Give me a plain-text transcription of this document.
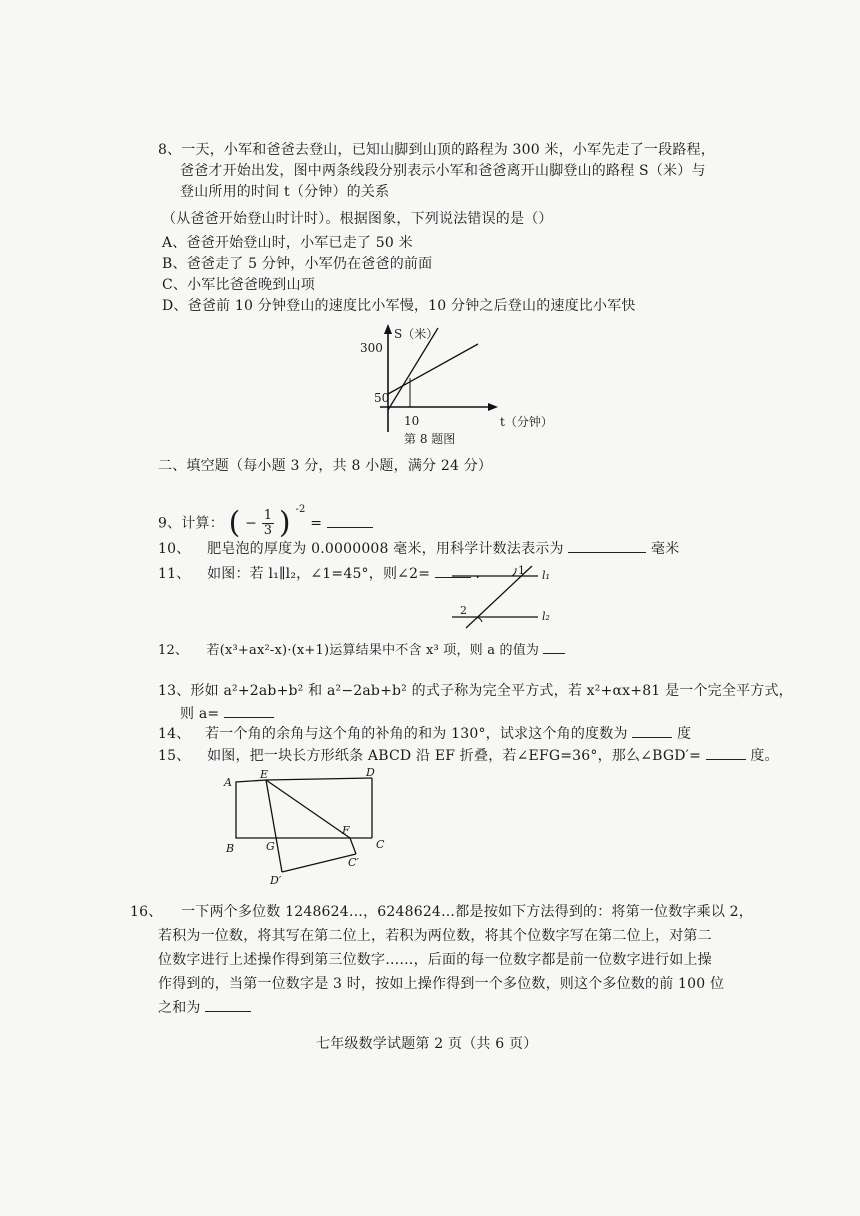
8、一天，小军和爸爸去登山，已知山脚到山顶的路程为 300 米，小军先走了一段路程，
爸爸才开始出发，图中两条线段分别表示小军和爸爸离开山脚登山的路程 S（米）与
登山所用的时间 t（分钟）的关系
（从爸爸开始登山时计时）。根据图象，下列说法错误的是（）
A、爸爸开始登山时，小军已走了 50 米
B、爸爸走了 5 分钟，小军仍在爸爸的前面
C、小军比爸爸晚到山项
D、爸爸前 10 分钟登山的速度比小军慢，10 分钟之后登山的速度比小军快
S（米）
300
50
10	t（分钟）
第 8 题图
二、填空题（每小题 3 分，共 8 小题，满分 24 分）
9、计算： ( − $\frac{1}{3}$ ) $^{-2}$ =
10、 肥皂泡的厚度为 0.0000008 毫米，用科学计数法表示为	毫米
11、 如图：若 l₁∥l₂，∠1=45°，则∠2=	.	1
2
l₁
l₂
12、 若(x³+ax²-x)·(x+1)运算结果中不含 x³ 项，则 a 的值为
13、形如 a²+2ab+b² 和 a²−2ab+b² 的式子称为完全平方式，若 x²+αx+81 是一个完全平方式，
则 a=
14、 若一个角的余角与这个角的补角的和为 130°，试求这个角的度数为	度
15、 如图，把一块长方形纸条 ABCD 沿 EF 折叠，若∠EFG=36°，那么∠BGD′=	度。
A
E	D
B	G
F
C
C′
D′
16、 一下两个多位数 1248624…，6248624…都是按如下方法得到的：将第一位数字乘以 2，
若积为一位数，将其写在第二位上，若积为两位数，将其个位数字写在第二位上，对第二
位数字进行上述操作得到第三位数字……，后面的每一位数字都是前一位数字进行如上操
作得到的，当第一位数字是 3 时，按如上操作得到一个多位数，则这个多位数的前 100 位
之和为
七年级数学试题第 2 页（共 6 页）
